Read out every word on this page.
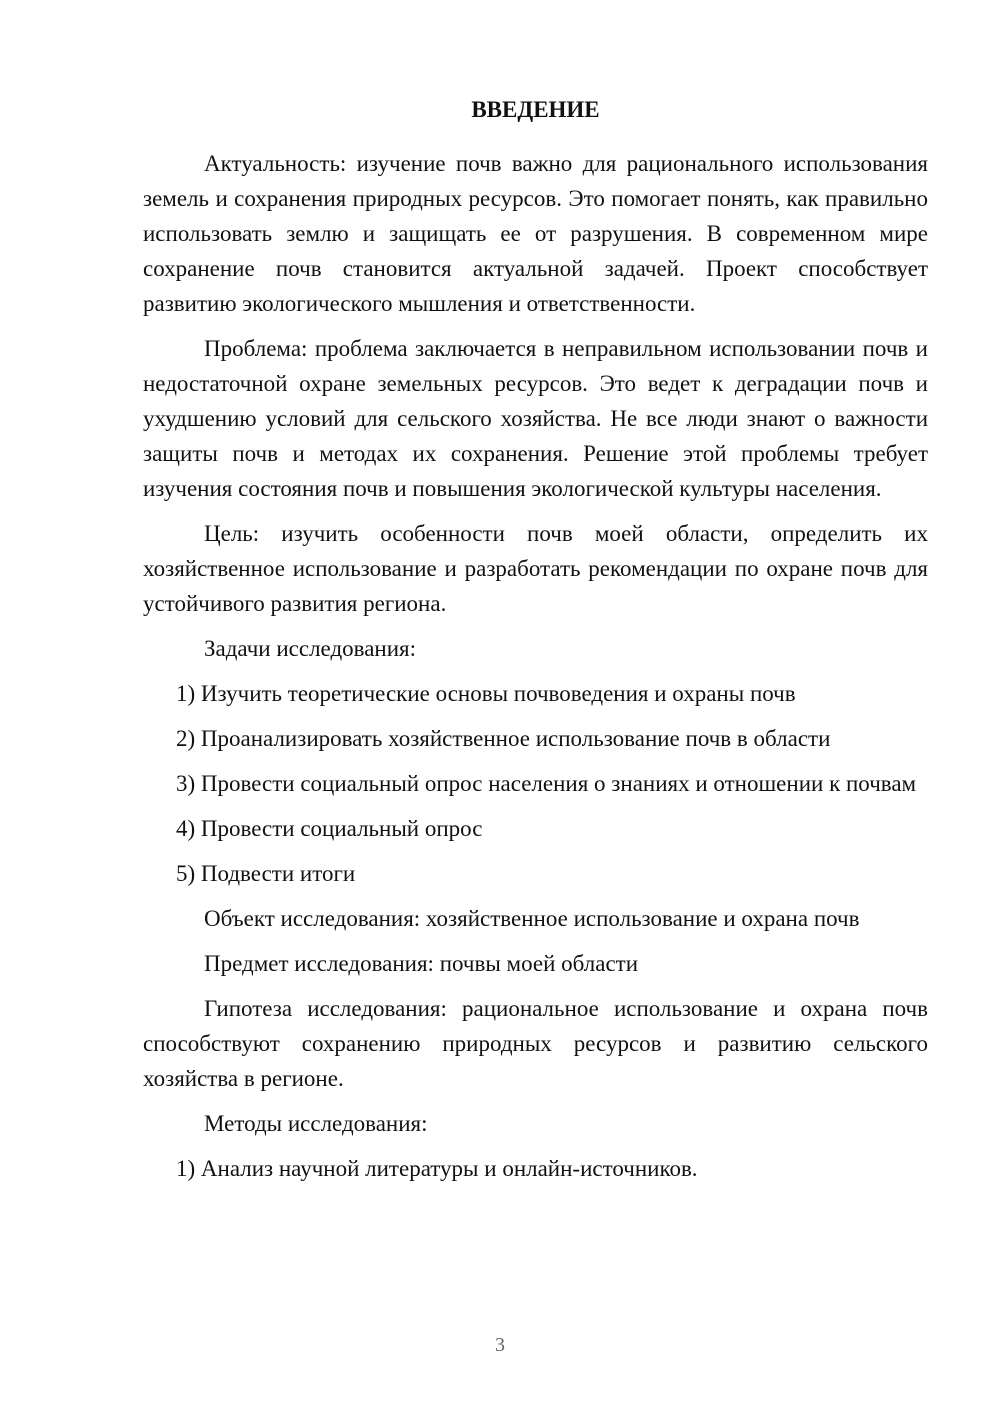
ВВЕДЕНИЕ

Актуальность: изучение почв важно для рационального использования земель и сохранения природных ресурсов. Это помогает понять, как правильно использовать землю и защищать ее от разрушения. В современном мире сохранение почв становится актуальной задачей. Проект способствует развитию экологического мышления и ответственности.

Проблема: проблема заключается в неправильном использовании почв и недостаточной охране земельных ресурсов. Это ведет к деградации почв и ухудшению условий для сельского хозяйства. Не все люди знают о важности защиты почв и методах их сохранения. Решение этой проблемы требует изучения состояния почв и повышения экологической культуры населения.

Цель: изучить особенности почв моей области, определить их хозяйственное использование и разработать рекомендации по охране почв для устойчивого развития региона.

Задачи исследования:

1) Изучить теоретические основы почвоведения и охраны почв

2) Проанализировать хозяйственное использование почв в области

3) Провести социальный опрос населения о знаниях и отношении к почвам

4) Провести социальный опрос

5) Подвести итоги

Объект исследования: хозяйственное использование и охрана почв

Предмет исследования: почвы моей области

Гипотеза исследования: рациональное использование и охрана почв способствуют сохранению природных ресурсов и развитию сельского хозяйства в регионе.

Методы исследования:

1) Анализ научной литературы и онлайн-источников.

3
